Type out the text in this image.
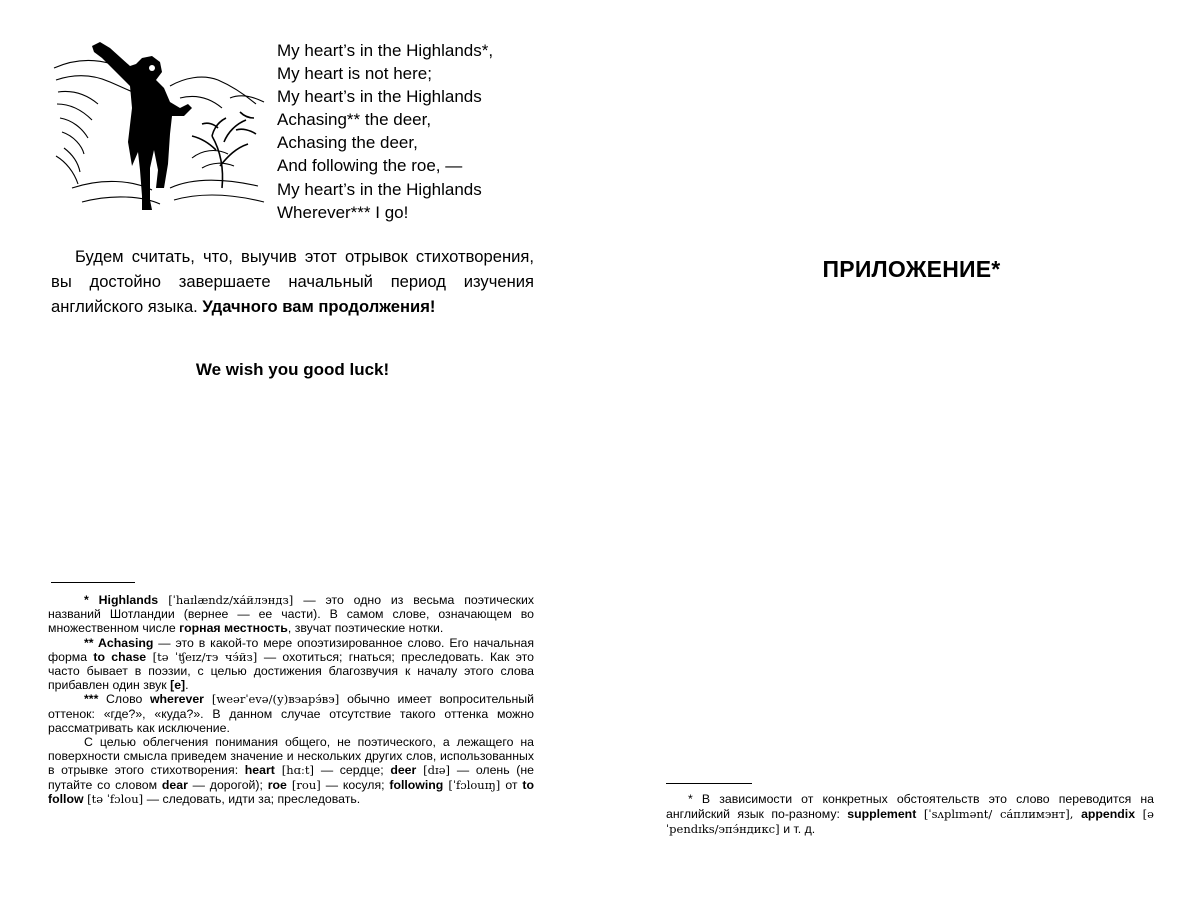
My heart’s in the Highlands*,
My heart is not here;
My heart’s in the Highlands
Achasing** the deer,
Achasing the deer,
And following the roe, —
My heart’s in the Highlands
Wherever*** I go!
Будем считать, что, выучив этот отрывок стихотворения, вы достойно завершаете начальный период изучения английского языка. Удачного вам продолжения!
We wish you good luck!

* Highlands [ˈhaɪlændz/ха́йлэндз] — это одно из весьма поэтических названий Шотландии (вернее — ее части). В самом слове, означающем во множественном числе горная местность, звучат поэтические нотки.

** Achasing — это в какой-то мере опоэтизированное слово. Его начальная форма to chase [tə ˈʧeɪz/тэ чэ́йз] — охотиться; гнаться; преследовать. Как это часто бывает в поэзии, с целью достижения благозвучия к началу этого слова прибавлен один звук [e].

*** Слово wherever [weərˈevə/(у)вэарэ́вэ] обычно имеет вопросительный оттенок: «где?», «куда?». В данном случае отсутствие такого оттенка можно рассматривать как исключение.

С целью облегчения понимания общего, не поэтического, а лежащего на поверхности смысла приведем значение и нескольких других слов, использованных в отрывке этого стихотворения: heart [hɑːt] — сердце; deer [dɪə] — олень (не путайте со словом dear — дорогой); roe [rou] — косуля; following [ˈfɔlouɪŋ] от to follow [tə ˈfɔlou] — следовать, идти за; преследовать.

ПРИЛОЖЕНИЕ*

* В зависимости от конкретных обстоятельств это слово переводится на английский язык по-разному: supplement [ˈsʌplɪmənt/ са́плимэнт], appendix [əˈpendɪks/эпэ́ндикс] и т. д.
